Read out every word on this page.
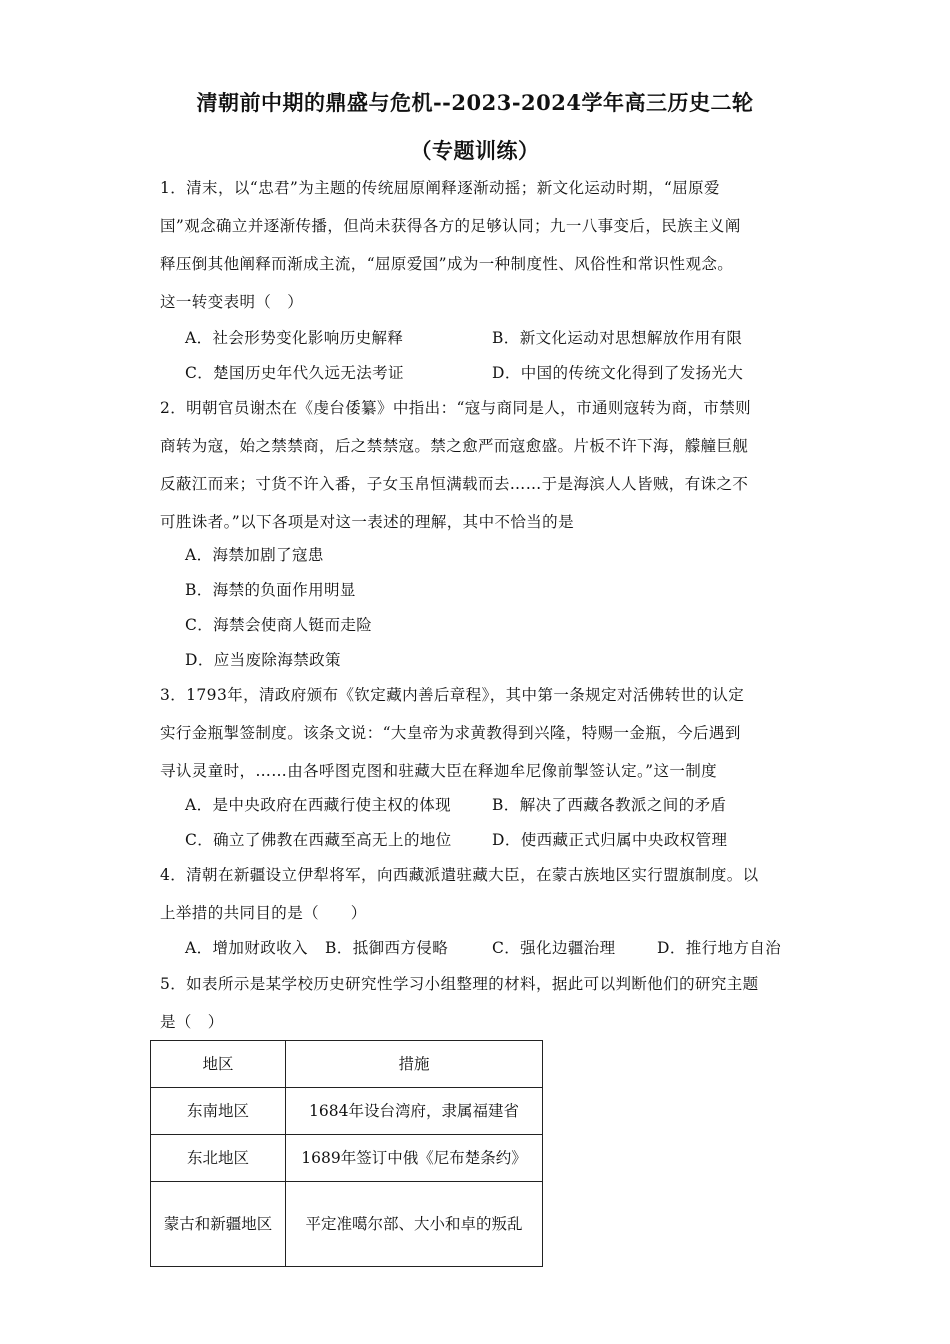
清朝前中期的鼎盛与危机--2023-2024学年高三历史二轮
（专题训练）
1．清末，以“忠君”为主题的传统屈原阐释逐渐动摇；新文化运动时期，“屈原爱
国”观念确立并逐渐传播，但尚未获得各方的足够认同；九一八事变后，民族主义阐
释压倒其他阐释而渐成主流，“屈原爱国”成为一种制度性、风俗性和常识性观念。
这一转变表明（　）
A．社会形势变化影响历史解释	B．新文化运动对思想解放作用有限
C．楚国历史年代久远无法考证	D．中国的传统文化得到了发扬光大
2．明朝官员谢杰在《虔台倭纂》中指出：“寇与商同是人，市通则寇转为商，市禁则
商转为寇，始之禁禁商，后之禁禁寇。禁之愈严而寇愈盛。片板不许下海，艨艟巨舰
反蔽江而来；寸货不许入番，子女玉帛恒满载而去……于是海滨人人皆贼，有诛之不
可胜诛者。”以下各项是对这一表述的理解，其中不恰当的是
A．海禁加剧了寇患
B．海禁的负面作用明显
C．海禁会使商人铤而走险
D．应当废除海禁政策
3．1793年，清政府颁布《钦定藏内善后章程》，其中第一条规定对活佛转世的认定
实行金瓶掣签制度。该条文说：“大皇帝为求黄教得到兴隆，特赐一金瓶，今后遇到
寻认灵童时，……由各呼图克图和驻藏大臣在释迦牟尼像前掣签认定。”这一制度
A．是中央政府在西藏行使主权的体现	B．解决了西藏各教派之间的矛盾
C．确立了佛教在西藏至高无上的地位	D．使西藏正式归属中央政权管理
4．清朝在新疆设立伊犁将军，向西藏派遣驻藏大臣，在蒙古族地区实行盟旗制度。以
上举措的共同目的是（　　）
A．增加财政收入 B．抵御西方侵略	C．强化边疆治理	D．推行地方自治
5．如表所示是某学校历史研究性学习小组整理的材料，据此可以判断他们的研究主题
是（　）
地区	措施
东南地区	1684年设台湾府，隶属福建省
东北地区	1689年签订中俄《尼布楚条约》
蒙古和新疆地区	平定准噶尔部、大小和卓的叛乱
